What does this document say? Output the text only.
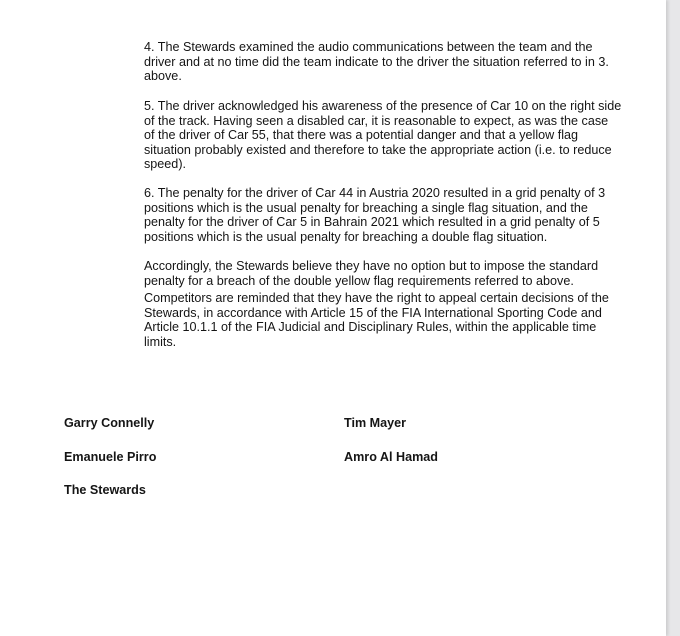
4. The Stewards examined the audio communications between the team and the driver and at no time did the team indicate to the driver the situation referred to in 3. above.

5. The driver acknowledged his awareness of the presence of Car 10 on the right side of the track. Having seen a disabled car, it is reasonable to expect, as was the case of the driver of Car 55, that there was a potential danger and that a yellow flag situation probably existed and therefore to take the appropriate action (i.e. to reduce speed).

6. The penalty for the driver of Car 44 in Austria 2020 resulted in a grid penalty of 3 positions which is the usual penalty for breaching a single flag situation, and the penalty for the driver of Car 5 in Bahrain 2021 which resulted in a grid penalty of 5 positions which is the usual penalty for breaching a double flag situation.

Accordingly, the Stewards believe they have no option but to impose the standard penalty for a breach of the double yellow flag requirements referred to above.

Competitors are reminded that they have the right to appeal certain decisions of the Stewards, in accordance with Article 15 of the FIA International Sporting Code and Article 10.1.1 of the FIA Judicial and Disciplinary Rules, within the applicable time limits.

Garry Connelly	Tim Mayer
Emanuele Pirro	Amro Al Hamad
The Stewards
